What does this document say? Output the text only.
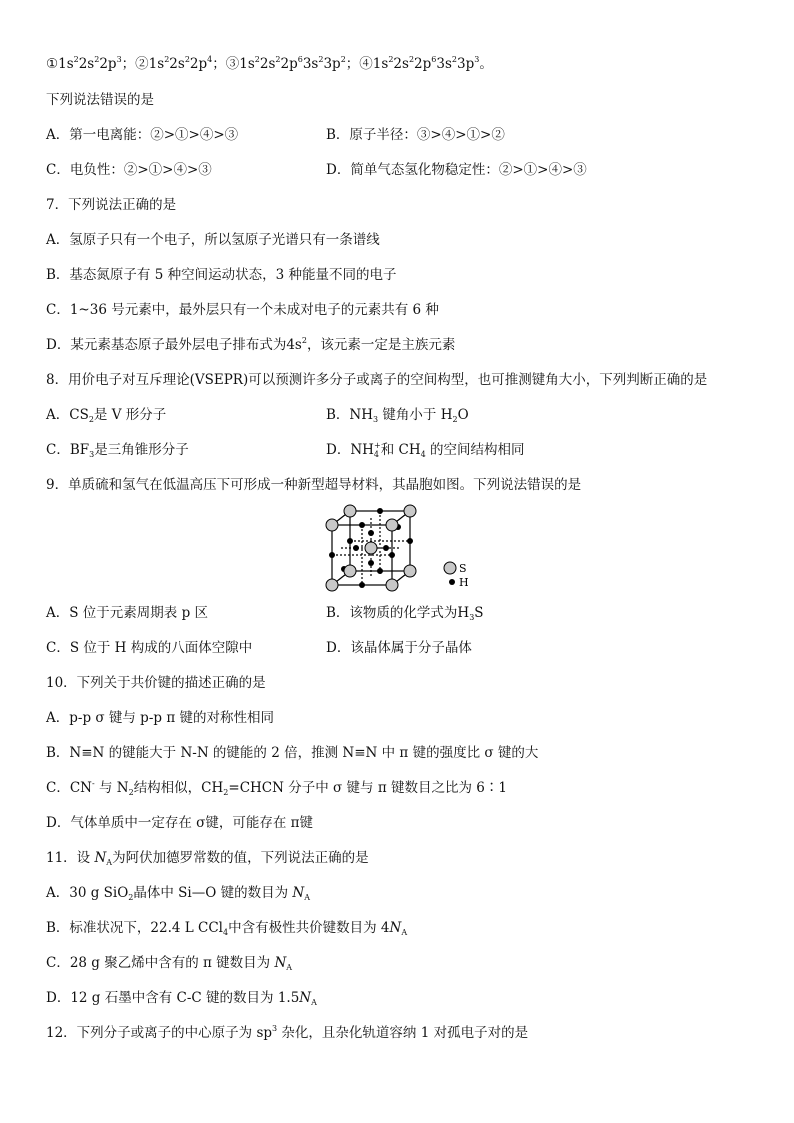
$①1s^22s^22p^3$；$②1s^22s^22p^4$；$③1s^22s^22p^63s^23p^2$；$④1s^22s^22p^63s^23p^3$。
下列说法错误的是
A．第一电离能：②>①>④>③	B．原子半径：③>④>①>②
C．电负性：②>①>④>③	D．简单气态氢化物稳定性：②>①>④>③
7．下列说法正确的是
A．氢原子只有一个电子，所以氢原子光谱只有一条谱线
B．基态氮原子有 5 种空间运动状态，3 种能量不同的电子
C．1~36 号元素中，最外层只有一个未成对电子的元素共有 6 种
D．某元素基态原子最外层电子排布式为$4s^2$，该元素一定是主族元素
8．用价电子对互斥理论(VSEPR)可以预测许多分子或离子的空间构型，也可推测键角大小，下列判断正确的是
A．$CS_2$是 V 形分子	B．$NH_3$ 键角小于 $H_2O$
C．$BF_3$是三角锥形分子	D．$NH_4^+$和 $CH_4$ 的空间结构相同
9．单质硫和氢气在低温高压下可形成一种新型超导材料，其晶胞如图。下列说法错误的是
S
H
A．S 位于元素周期表 p 区	B．该物质的化学式为$H_3S$
C．S 位于 H 构成的八面体空隙中	D．该晶体属于分子晶体
10．下列关于共价键的描述正确的是
A．p-p σ 键与 p-p π 键的对称性相同
B．N≡N 的键能大于 N-N 的键能的 2 倍，推测 N≡N 中 π 键的强度比 σ 键的大
C．CN- 与 $N_2$结构相似，$CH_2=CHCN$ 分子中 σ 键与 π 键数目之比为 6∶1
D．气体单质中一定存在 σ键，可能存在 π键
11．设 $N_A$为阿伏加德罗常数的值，下列说法正确的是
A．30 g SiO$_2$晶体中 Si—O 键的数目为 $N_A$
B．标准状况下，22.4 L CCl$_4$中含有极性共价键数目为 $4N_A$
C．28 g 聚乙烯中含有的 π 键数目为 $N_A$
D．12 g 石墨中含有 C-C 键的数目为 $1.5N_A$
12．下列分子或离子的中心原子为 $sp^3$ 杂化，且杂化轨道容纳 1 对孤电子对的是
